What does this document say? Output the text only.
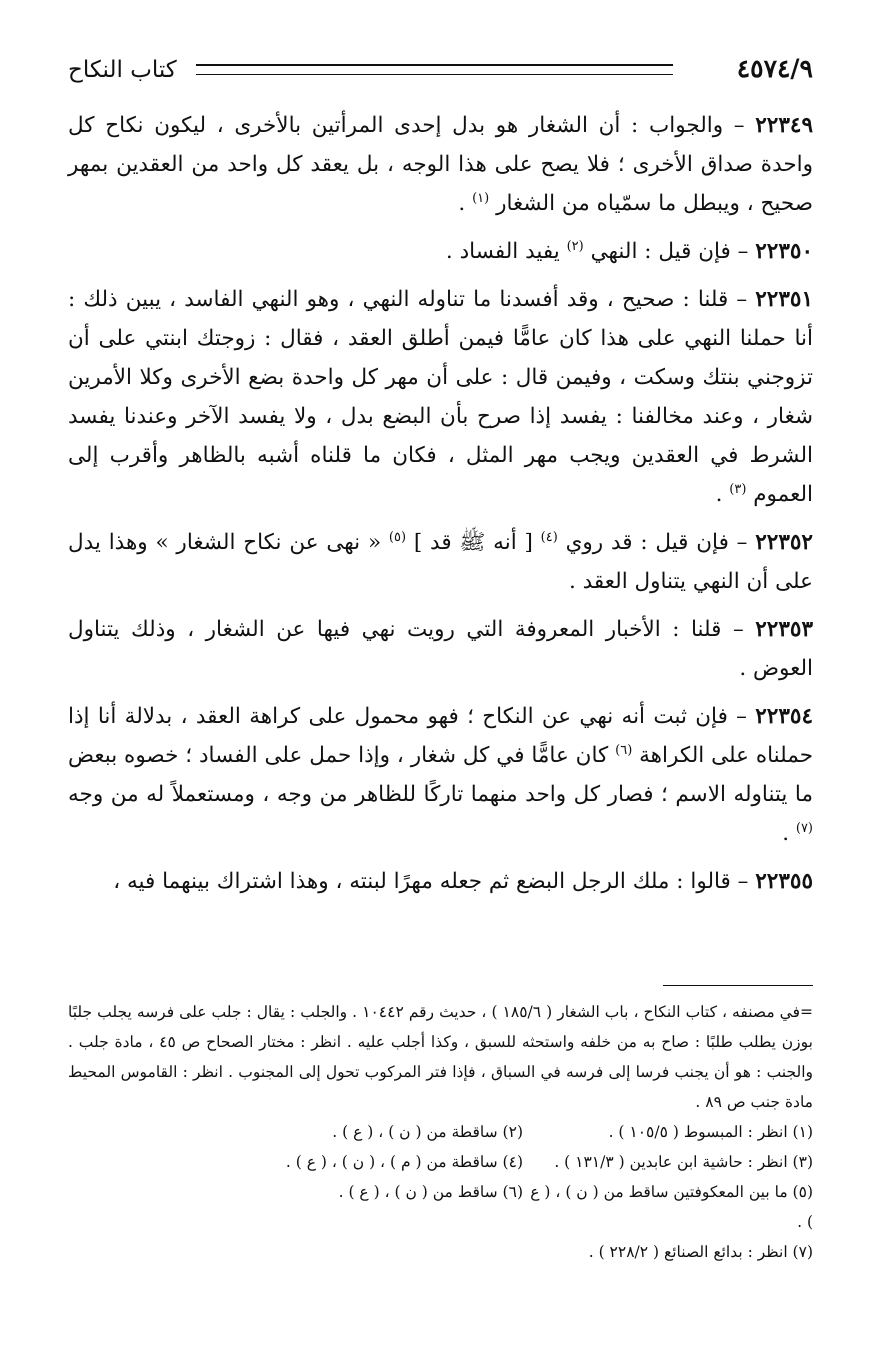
٤٥٧٤/٩
كتاب النكاح

٢٢٣٤٩ – والجواب : أن الشغار هو بدل إحدى المرأتين بالأخرى ، ليكون نكاح كل واحدة صداق الأخرى ؛ فلا يصح على هذا الوجه ، بل يعقد كل واحد من العقدين بمهر صحيح ، ويبطل ما سمّياه من الشغار $^{(١)}$ .

٢٢٣٥٠ – فإن قيل : النهي $^{(٢)}$ يفيد الفساد .

٢٢٣٥١ – قلنا : صحيح ، وقد أفسدنا ما تناوله النهي ، وهو النهي الفاسد ، يبين ذلك : أنا حملنا النهي على هذا كان عامًّا فيمن أطلق العقد ، فقال : زوجتك ابنتي على أن تزوجني بنتك وسكت ، وفيمن قال : على أن مهر كل واحدة بضع الأخرى وكلا الأمرين شغار ، وعند مخالفنا : يفسد إذا صرح بأن البضع بدل ، ولا يفسد الآخر وعندنا يفسد الشرط في العقدين ويجب مهر المثل ، فكان ما قلناه أشبه بالظاهر وأقرب إلى العموم $^{(٣)}$ .

٢٢٣٥٢ – فإن قيل : قد روي $^{(٤)}$ [ أنه ﷺ قد ] $^{(٥)}$ « نهى عن نكاح الشغار » وهذا يدل على أن النهي يتناول العقد .

٢٢٣٥٣ – قلنا : الأخبار المعروفة التي رويت نهي فيها عن الشغار ، وذلك يتناول العوض .

٢٢٣٥٤ – فإن ثبت أنه نهي عن النكاح ؛ فهو محمول على كراهة العقد ، بدلالة أنا إذا حملناه على الكراهة $^{(٦)}$ كان عامًّا في كل شغار ، وإذا حمل على الفساد ؛ خصوه ببعض ما يتناوله الاسم ؛ فصار كل واحد منهما تاركًا للظاهر من وجه ، ومستعملاً له من وجه $^{(٧)}$ .

٢٢٣٥٥ – قالوا : ملك الرجل البضع ثم جعله مهرًا لبنته ، وهذا اشتراك بينهما فيه ،

=في مصنفه ، كتاب النكاح ، باب الشغار ( ١٨٥/٦ ) ، حديث رقم ١٠٤٤٢ . والجلب : يقال : جلب على فرسه يجلب جلبًا بوزن يطلب طلبًا : صاح به من خلفه واستحثه للسبق ، وكذا أجلب عليه . انظر : مختار الصحاح ص ٤٥ ، مادة جلب . والجنب : هو أن يجنب فرسا إلى فرسه في السباق ، فإذا فتر المركوب تحول إلى المجنوب . انظر : القاموس المحيط مادة جنب ص ٨٩ .

(١) انظر : المبسوط ( ١٠٥/٥ ) .
(٢) ساقطة من ( ن ) ، ( ع ) .
(٣) انظر : حاشية ابن عابدين ( ١٣١/٣ ) .
(٤) ساقطة من ( م ) ، ( ن ) ، ( ع ) .
(٥) ما بين المعكوفتين ساقط من ( ن ) ، ( ع ) .
(٦) ساقط من ( ن ) ، ( ع ) .
(٧) انظر : بدائع الصنائع ( ٢٢٨/٢ ) .
